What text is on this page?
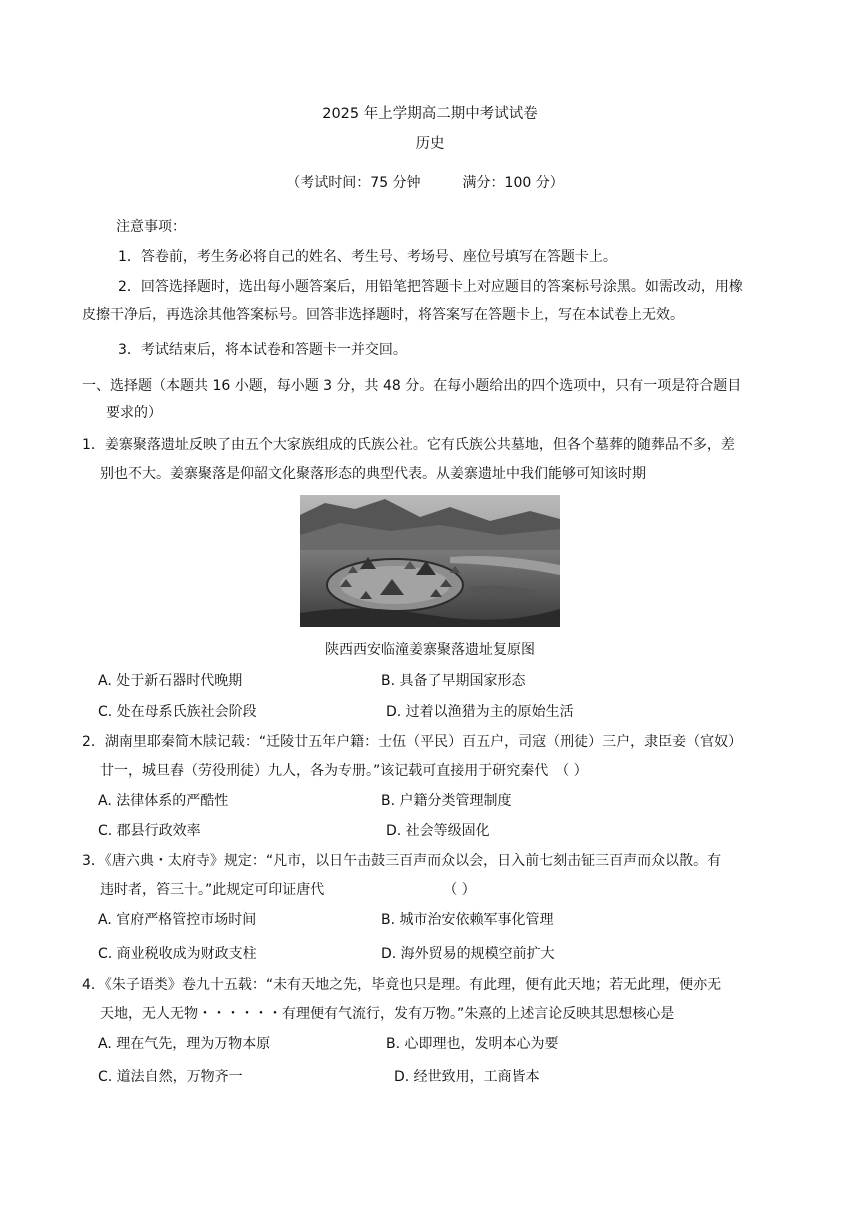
2025 年上学期高二期中考试试卷
历史
（考试时间：75 分钟	满分：100 分）
注意事项：
1．答卷前，考生务必将自己的姓名、考生号、考场号、座位号填写在答题卡上。
2．回答选择题时，选出每小题答案后，用铅笔把答题卡上对应题目的答案标号涂黑。如需改动，用橡
皮擦干净后，再选涂其他答案标号。回答非选择题时，将答案写在答题卡上，写在本试卷上无效。
3．考试结束后，将本试卷和答题卡一并交回。
一、选择题（本题共 16 小题，每小题 3 分，共 48 分。在每小题给出的四个选项中，只有一项是符合题目
要求的）
1．姜寨聚落遗址反映了由五个大家族组成的氏族公社。它有氏族公共墓地，但各个墓葬的随葬品不多，差
别也不大。姜寨聚落是仰韶文化聚落形态的典型代表。从姜寨遗址中我们能够可知该时期
陕西西安临潼姜寨聚落遗址复原图
A. 处于新石器时代晚期	B. 具备了早期国家形态
C. 处在母系氏族社会阶段	D. 过着以渔猎为主的原始生活
2．湖南里耶秦简木牍记载：“迁陵廿五年户籍：士伍（平民）百五户，司寇（刑徒）三户，隶臣妾（官奴）
廿一，城旦舂（劳役刑徒）九人，各为专册。”该记载可直接用于研究秦代　（ ）
A. 法律体系的严酷性	B. 户籍分类管理制度
C. 郡县行政效率	D. 社会等级固化
3．《唐六典・太府寺》规定：“凡市，以日午击鼓三百声而众以会，日入前七刻击钲三百声而众以散。有
违时者，笞三十。”此规定可印证唐代　　　　　　　　　（ ）
A. 官府严格管控市场时间	B. 城市治安依赖军事化管理
C. 商业税收成为财政支柱	D. 海外贸易的规模空前扩大
4．《朱子语类》卷九十五载：“未有天地之先，毕竟也只是理。有此理，便有此天地；若无此理，便亦无
天地，无人无物・・・・・・有理便有气流行，发有万物。”朱熹的上述言论反映其思想核心是
A. 理在气先，理为万物本原	B. 心即理也，发明本心为要
C. 道法自然，万物齐一	D. 经世致用，工商皆本
